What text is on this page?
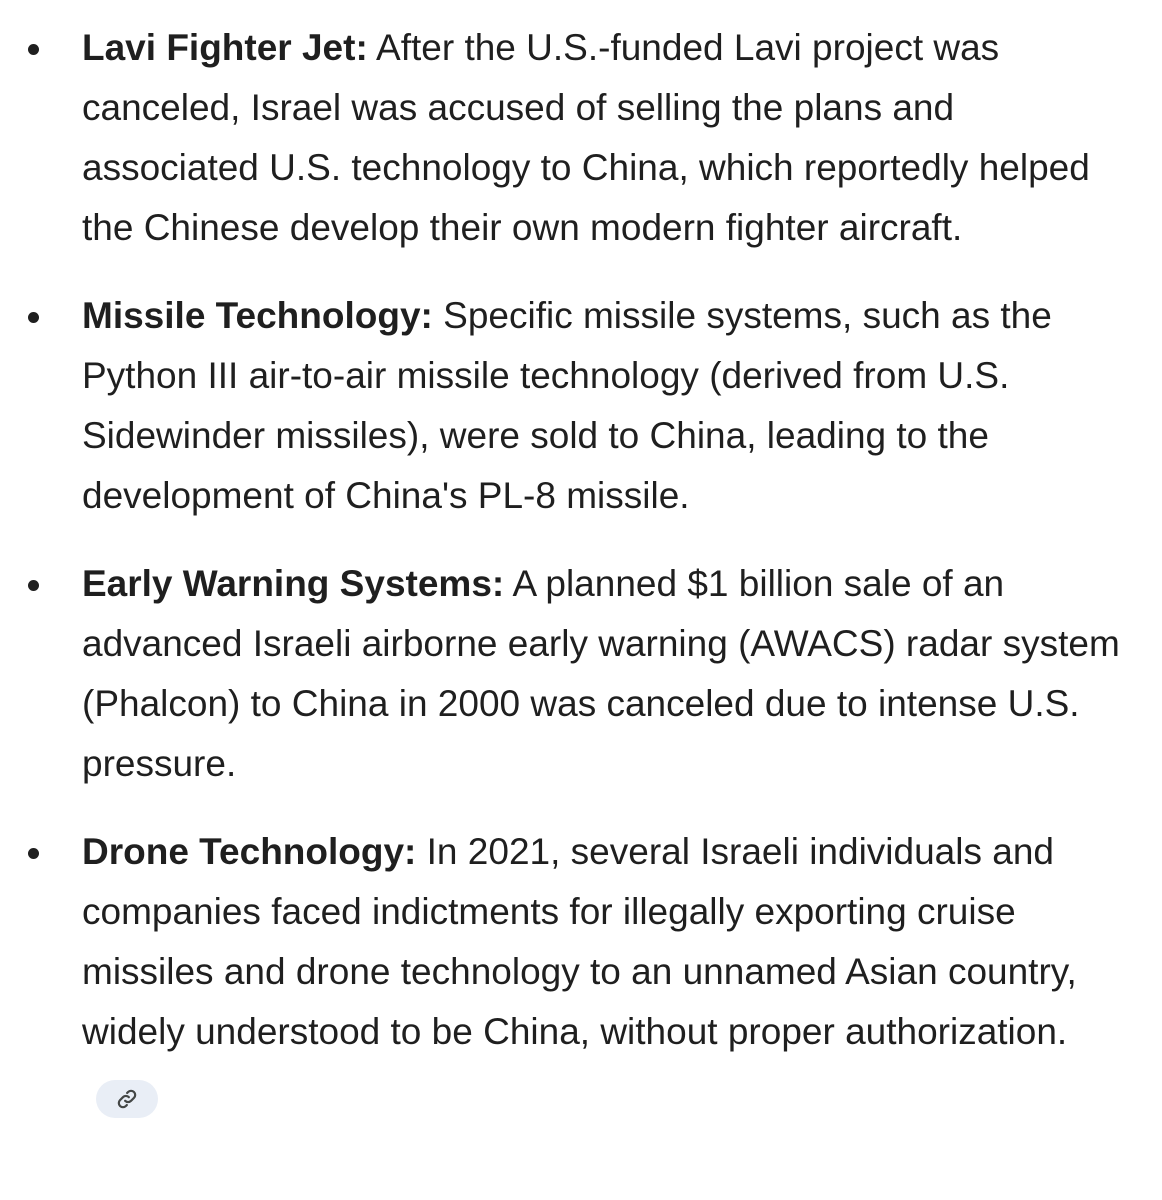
Lavi Fighter Jet: After the U.S.-funded Lavi project was canceled, Israel was accused of selling the plans and associated U.S. technology to China, which reportedly helped the Chinese develop their own modern fighter aircraft.
Missile Technology: Specific missile systems, such as the Python III air-to-air missile technology (derived from U.S. Sidewinder missiles), were sold to China, leading to the development of China's PL-8 missile.
Early Warning Systems: A planned $1 billion sale of an advanced Israeli airborne early warning (AWACS) radar system (Phalcon) to China in 2000 was canceled due to intense U.S. pressure.
Drone Technology: In 2021, several Israeli individuals and companies faced indictments for illegally exporting cruise missiles and drone technology to an unnamed Asian country, widely understood to be China, without proper authorization.
